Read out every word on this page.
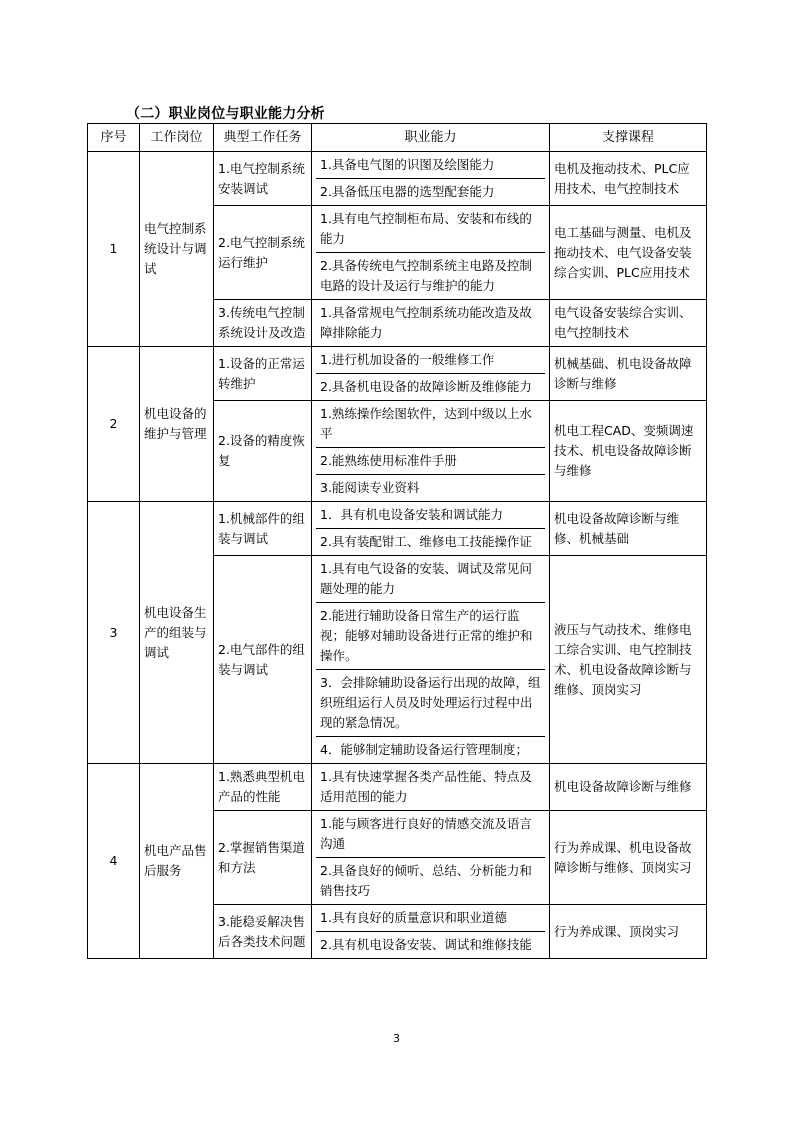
（二）职业岗位与职业能力分析
序号	工作岗位	典型工作任务	职业能力	支撑课程
1	电气控制系统设计与调试	1.电气控制系统安装调试	1.具备电气图的识图及绘图能力
2.具备低压电器的选型配套能力	电机及拖动技术、PLC应用技术、电气控制技术
		2.电气控制系统运行维护	1.具有电气控制柜布局、安装和布线的能力
2.具备传统电气控制系统主电路及控制电路的设计及运行与维护的能力	电工基础与测量、电机及拖动技术、电气设备安装综合实训、PLC应用技术
		3.传统电气控制系统设计及改造	1.具备常规电气控制系统功能改造及故障排除能力	电气设备安装综合实训、电气控制技术
2	机电设备的维护与管理	1.设备的正常运转维护	1.进行机加设备的一般维修工作
2.具备机电设备的故障诊断及维修能力	机械基础、机电设备故障诊断与维修
		2.设备的精度恢复	1.熟练操作绘图软件，达到中级以上水平
2.能熟练使用标准件手册
3.能阅读专业资料	机电工程CAD、变频调速技术、机电设备故障诊断与维修
3	机电设备生产的组装与调试	1.机械部件的组装与调试	1．具有机电设备安装和调试能力
2.具有装配钳工、维修电工技能操作证	机电设备故障诊断与维修、机械基础
		2.电气部件的组装与调试	1.具有电气设备的安装、调试及常见问题处理的能力
2.能进行辅助设备日常生产的运行监视；能够对辅助设备进行正常的维护和操作。
3．会排除辅助设备运行出现的故障，组织班组运行人员及时处理运行过程中出现的紧急情况。
4．能够制定辅助设备运行管理制度；	液压与气动技术、维修电工综合实训、电气控制技术、机电设备故障诊断与维修、顶岗实习
4	机电产品售后服务	1.熟悉典型机电产品的性能	1.具有快速掌握各类产品性能、特点及适用范围的能力	机电设备故障诊断与维修
		2.掌握销售渠道和方法	1.能与顾客进行良好的情感交流及语言沟通
2.具备良好的倾听、总结、分析能力和销售技巧	行为养成课、机电设备故障诊断与维修、顶岗实习
		3.能稳妥解决售后各类技术问题	1.具有良好的质量意识和职业道德
2.具有机电设备安装、调试和维修技能	行为养成课、顶岗实习
3
